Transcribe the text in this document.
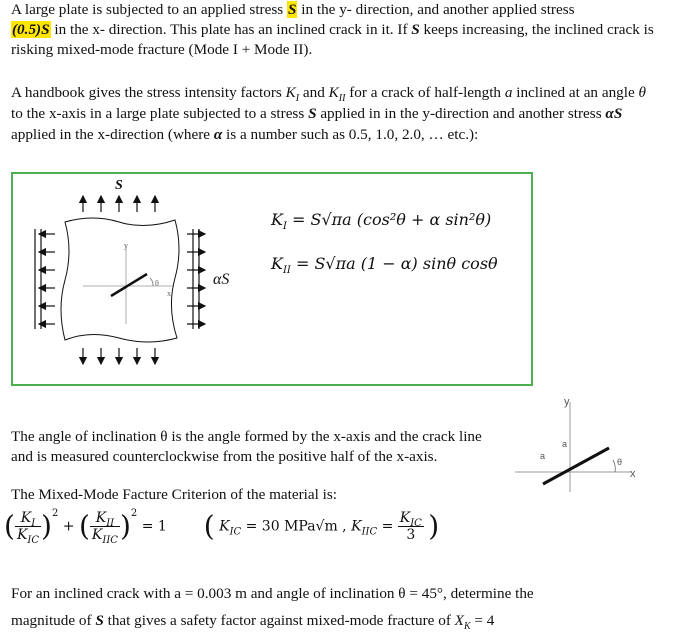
A large plate is subjected to an applied stress S in the y- direction, and another applied stress
(0.5)S in the x- direction. This plate has an inclined crack in it. If S keeps increasing, the inclined crack is risking mixed-mode fracture (Mode I + Mode II).

A handbook gives the stress intensity factors $K_I$ and $K_{II}$ for a crack of half-length a inclined at an angle θ to the x-axis in a large plate subjected to a stress S applied in in the y-direction and another stress αS applied in the x-direction (where α is a number such as 0.5, 1.0, 2.0, … etc.):

S
αS
y
x
θ
$K_I = S√\pi a$ (cos²θ + α sin²θ)
$K_{II} = S√\pi a$ (1 − α) sinθ cosθ
y
x
θ
a
a

The angle of inclination θ is the angle formed by the x-axis and the crack line
and is measured counterclockwise from the positive half of the x-axis.

The Mixed-Mode Facture Criterion of the material is:

( $\frac{K_I}{K_{IC}} )^2$ + ( $\frac{K_{II}}{K_{IIC}} )^2 = 1$ ( $K_{IC} = 30$ MPa√m , $K_{IIC} = \frac{K_{IC}}{3}$ )

For an inclined crack with a = 0.003 m and angle of inclination θ = 45°, determine the
magnitude of S that gives a safety factor against mixed-mode fracture of $X_K = 4$
